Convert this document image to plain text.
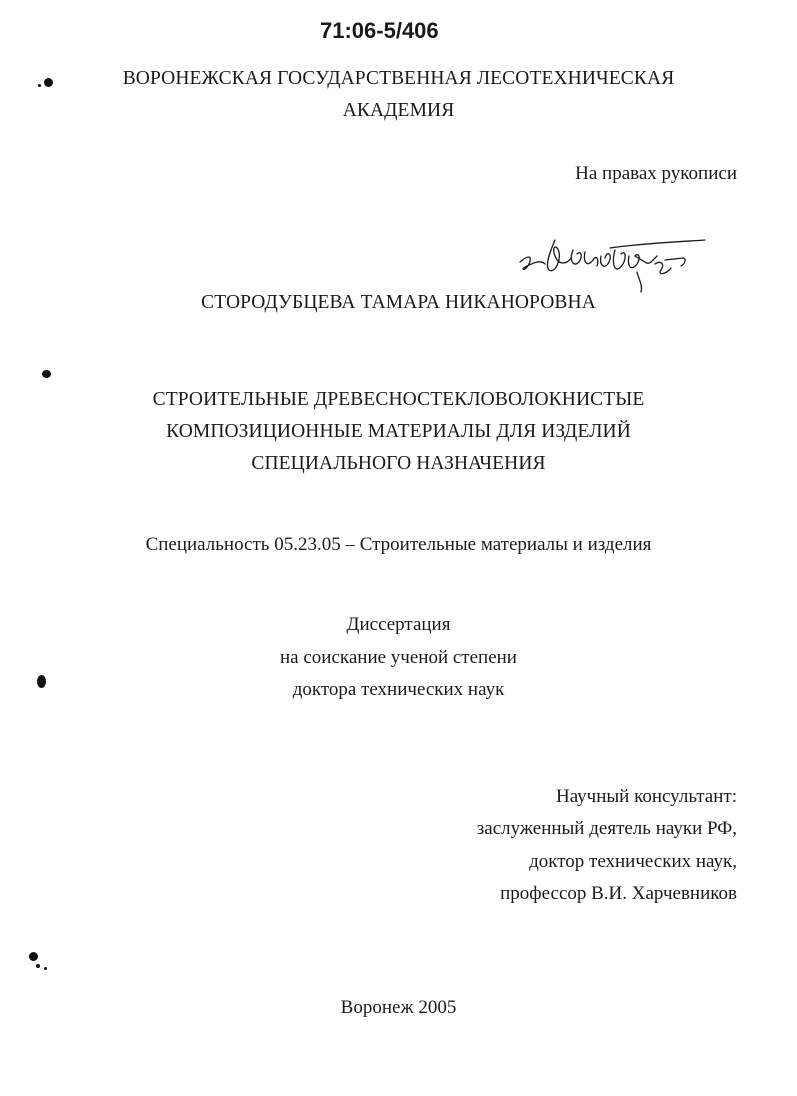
71:06-5/406
ВОРОНЕЖСКАЯ ГОСУДАРСТВЕННАЯ ЛЕСОТЕХНИЧЕСКАЯ
АКАДЕМИЯ
На правах рукописи
СТОРОДУБЦЕВА ТАМАРА НИКАНОРОВНА
СТРОИТЕЛЬНЫЕ ДРЕВЕСНОСТЕКЛОВОЛОКНИСТЫЕ
КОМПОЗИЦИОННЫЕ МАТЕРИАЛЫ ДЛЯ ИЗДЕЛИЙ
СПЕЦИАЛЬНОГО НАЗНАЧЕНИЯ
Специальность 05.23.05 – Строительные материалы и изделия
Диссертация
на соискание ученой степени
доктора технических наук
Научный консультант:
заслуженный деятель науки РФ,
доктор технических наук,
профессор В.И. Харчевников
Воронеж 2005
